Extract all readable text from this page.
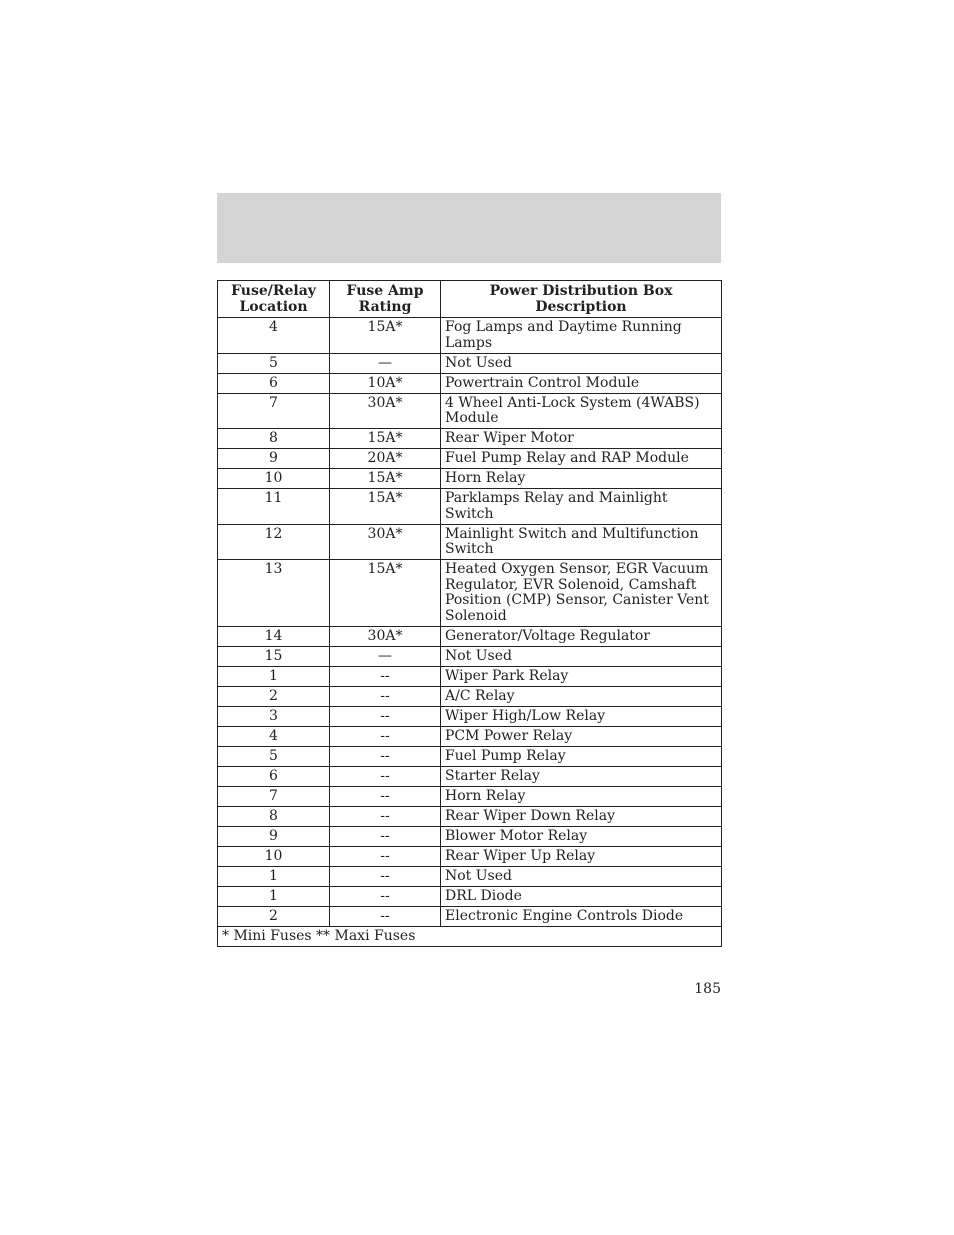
Fuse/Relay Location	Fuse Amp Rating	Power Distribution Box Description
4	15A*	Fog Lamps and Daytime Running Lamps
5	—	Not Used
6	10A*	Powertrain Control Module
7	30A*	4 Wheel Anti-Lock System (4WABS) Module
8	15A*	Rear Wiper Motor
9	20A*	Fuel Pump Relay and RAP Module
10	15A*	Horn Relay
11	15A*	Parklamps Relay and Mainlight Switch
12	30A*	Mainlight Switch and Multifunction Switch
13	15A*	Heated Oxygen Sensor, EGR Vacuum Regulator, EVR Solenoid, Camshaft Position (CMP) Sensor, Canister Vent Solenoid
14	30A*	Generator/Voltage Regulator
15	—	Not Used
1	--	Wiper Park Relay
2	--	A/C Relay
3	--	Wiper High/Low Relay
4	--	PCM Power Relay
5	--	Fuel Pump Relay
6	--	Starter Relay
7	--	Horn Relay
8	--	Rear Wiper Down Relay
9	--	Blower Motor Relay
10	--	Rear Wiper Up Relay
1	--	Not Used
1	--	DRL Diode
2	--	Electronic Engine Controls Diode
* Mini Fuses ** Maxi Fuses		
185
